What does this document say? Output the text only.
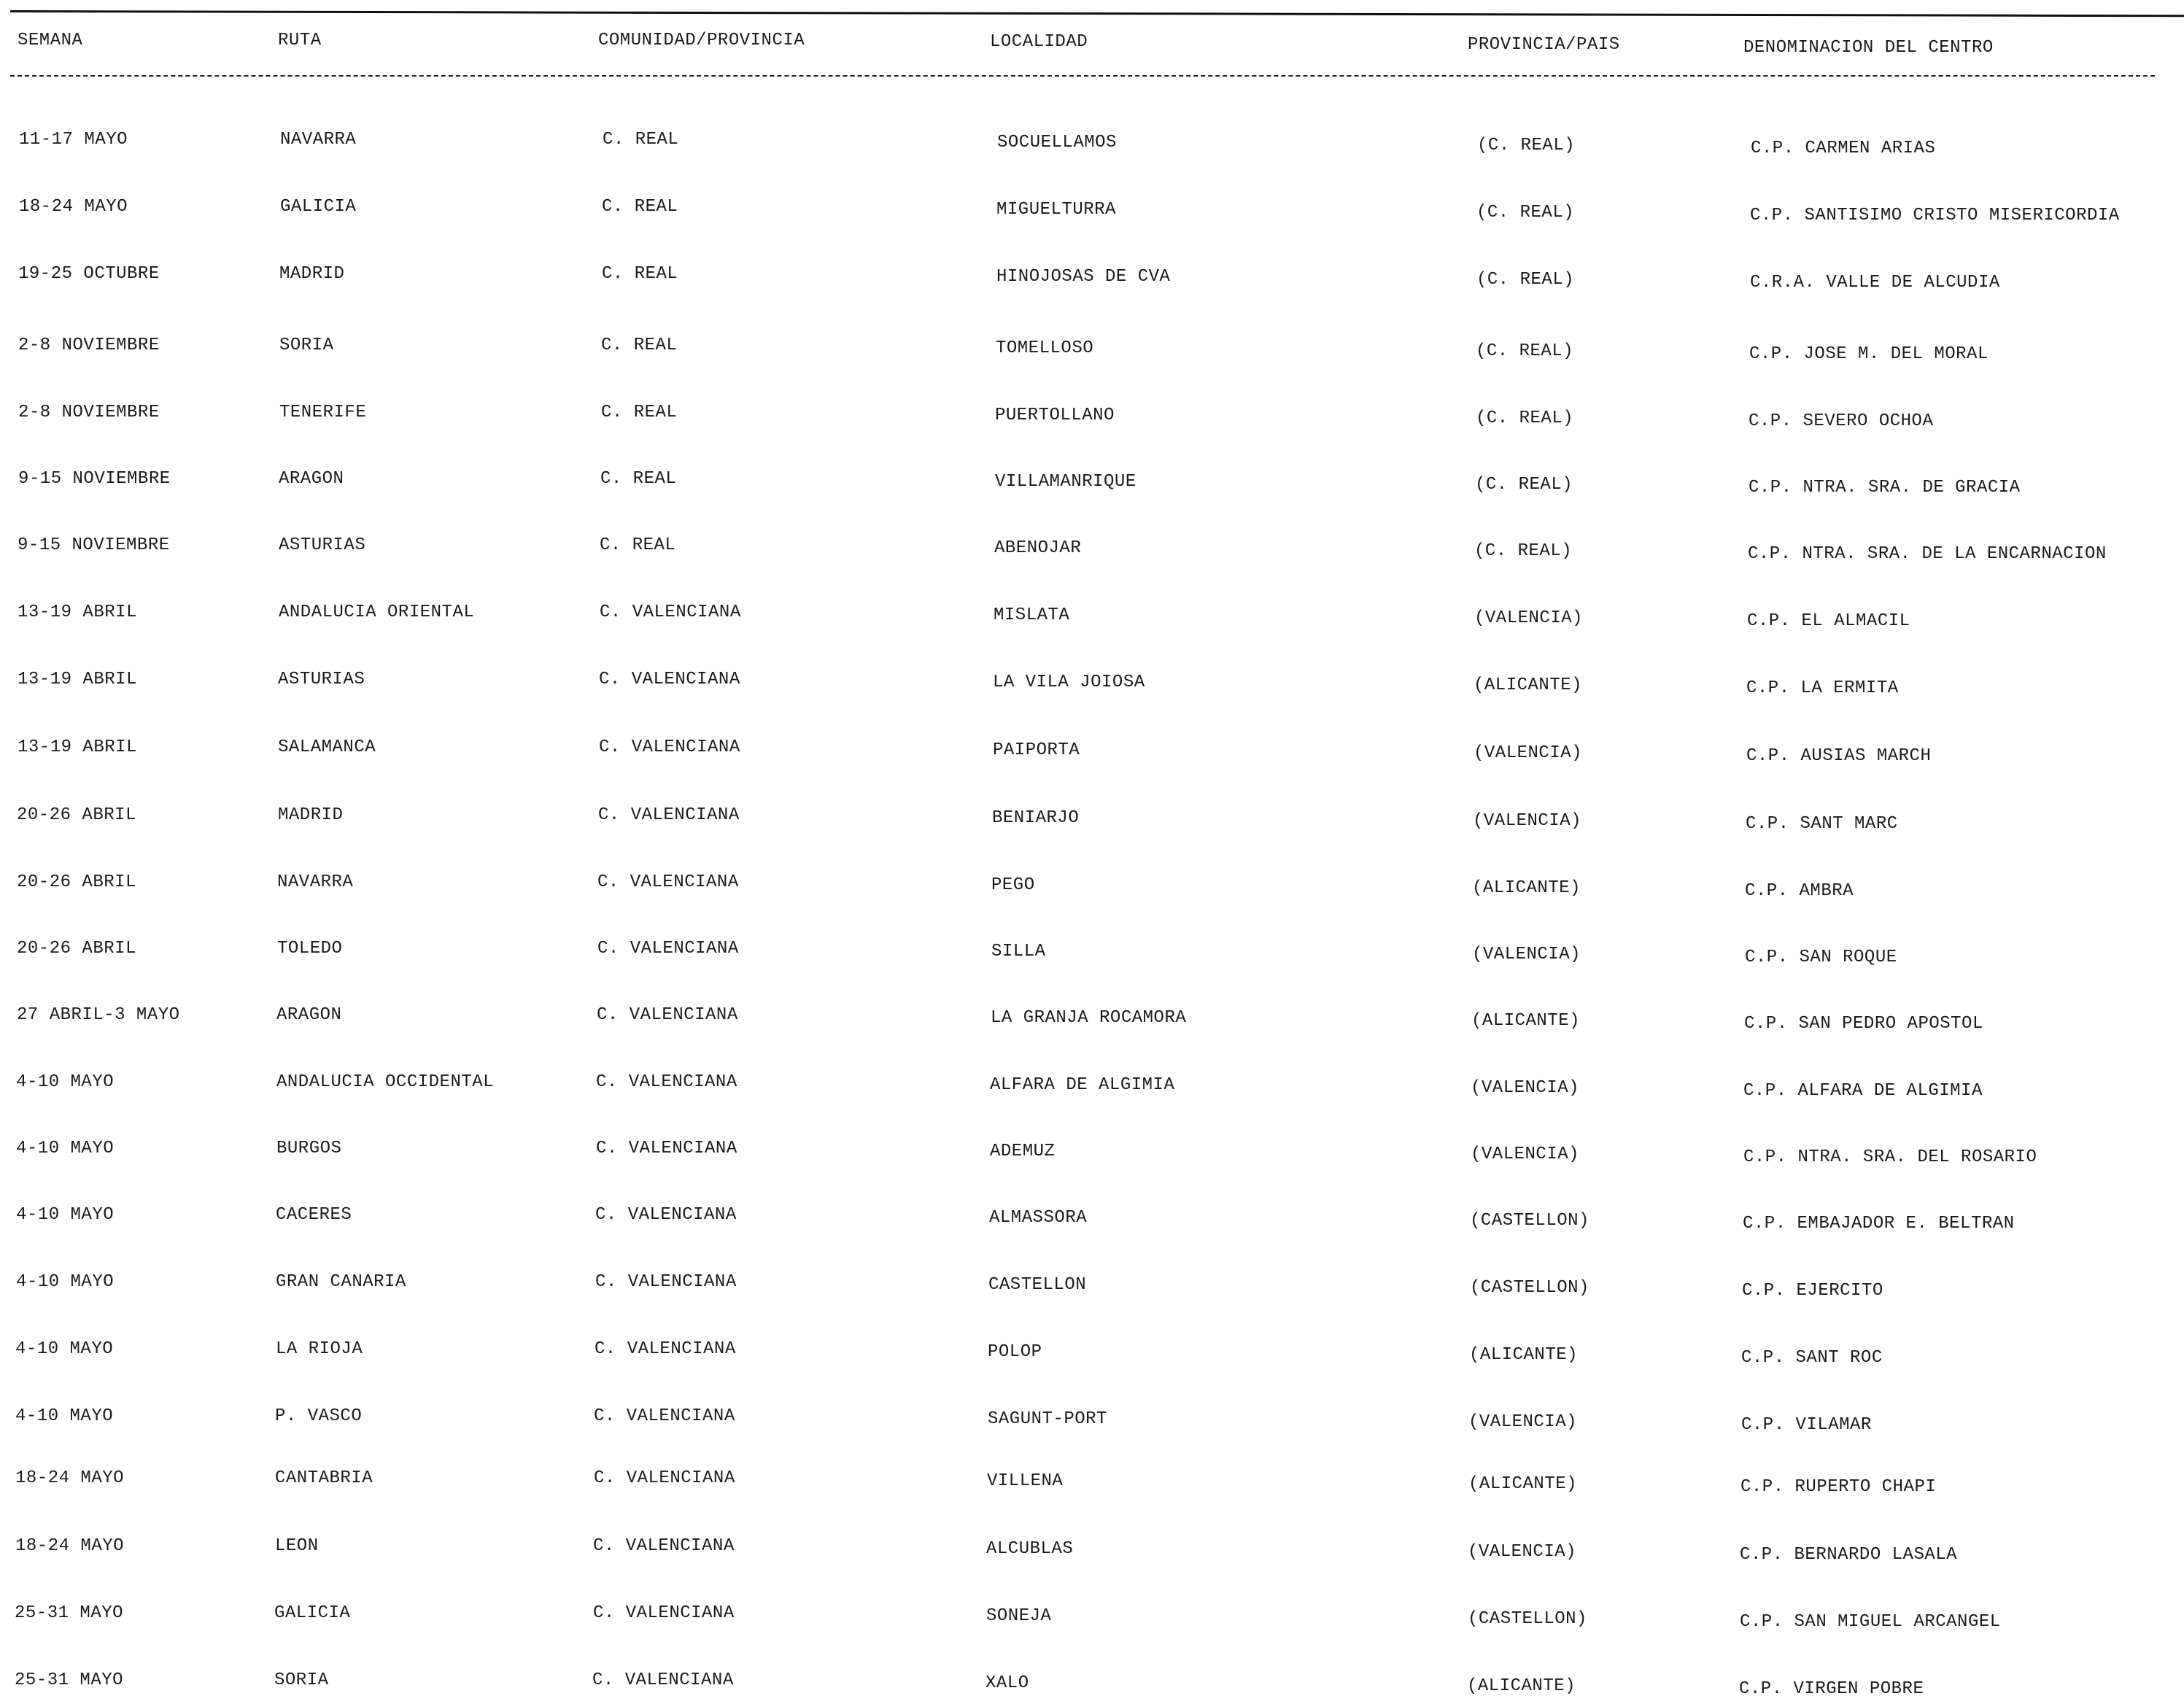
SEMANA	RUTA	COMUNIDAD/PROVINCIA	LOCALIDAD	PROVINCIA/PAIS	DENOMINACION DEL CENTRO
11-17 MAYO	NAVARRA	C. REAL	SOCUELLAMOS	(C. REAL)	C.P. CARMEN ARIAS
18-24 MAYO	GALICIA	C. REAL	MIGUELTURRA	(C. REAL)	C.P. SANTISIMO CRISTO MISERICORDIA
19-25 OCTUBRE	MADRID	C. REAL	HINOJOSAS DE CVA	(C. REAL)	C.R.A. VALLE DE ALCUDIA
2-8 NOVIEMBRE	SORIA	C. REAL	TOMELLOSO	(C. REAL)	C.P. JOSE M. DEL MORAL
2-8 NOVIEMBRE	TENERIFE	C. REAL	PUERTOLLANO	(C. REAL)	C.P. SEVERO OCHOA
9-15 NOVIEMBRE	ARAGON	C. REAL	VILLAMANRIQUE	(C. REAL)	C.P. NTRA. SRA. DE GRACIA
9-15 NOVIEMBRE	ASTURIAS	C. REAL	ABENOJAR	(C. REAL)	C.P. NTRA. SRA. DE LA ENCARNACION
13-19 ABRIL	ANDALUCIA ORIENTAL	C. VALENCIANA	MISLATA	(VALENCIA)	C.P. EL ALMACIL
13-19 ABRIL	ASTURIAS	C. VALENCIANA	LA VILA JOIOSA	(ALICANTE)	C.P. LA ERMITA
13-19 ABRIL	SALAMANCA	C. VALENCIANA	PAIPORTA	(VALENCIA)	C.P. AUSIAS MARCH
20-26 ABRIL	MADRID	C. VALENCIANA	BENIARJO	(VALENCIA)	C.P. SANT MARC
20-26 ABRIL	NAVARRA	C. VALENCIANA	PEGO	(ALICANTE)	C.P. AMBRA
20-26 ABRIL	TOLEDO	C. VALENCIANA	SILLA	(VALENCIA)	C.P. SAN ROQUE
27 ABRIL-3 MAYO	ARAGON	C. VALENCIANA	LA GRANJA ROCAMORA	(ALICANTE)	C.P. SAN PEDRO APOSTOL
4-10 MAYO	ANDALUCIA OCCIDENTAL	C. VALENCIANA	ALFARA DE ALGIMIA	(VALENCIA)	C.P. ALFARA DE ALGIMIA
4-10 MAYO	BURGOS	C. VALENCIANA	ADEMUZ	(VALENCIA)	C.P. NTRA. SRA. DEL ROSARIO
4-10 MAYO	CACERES	C. VALENCIANA	ALMASSORA	(CASTELLON)	C.P. EMBAJADOR E. BELTRAN
4-10 MAYO	GRAN CANARIA	C. VALENCIANA	CASTELLON	(CASTELLON)	C.P. EJERCITO
4-10 MAYO	LA RIOJA	C. VALENCIANA	POLOP	(ALICANTE)	C.P. SANT ROC
4-10 MAYO	P. VASCO	C. VALENCIANA	SAGUNT-PORT	(VALENCIA)	C.P. VILAMAR
18-24 MAYO	CANTABRIA	C. VALENCIANA	VILLENA	(ALICANTE)	C.P. RUPERTO CHAPI
18-24 MAYO	LEON	C. VALENCIANA	ALCUBLAS	(VALENCIA)	C.P. BERNARDO LASALA
25-31 MAYO	GALICIA	C. VALENCIANA	SONEJA	(CASTELLON)	C.P. SAN MIGUEL ARCANGEL
25-31 MAYO	SORIA	C. VALENCIANA	XALO	(ALICANTE)	C.P. VIRGEN POBRE
